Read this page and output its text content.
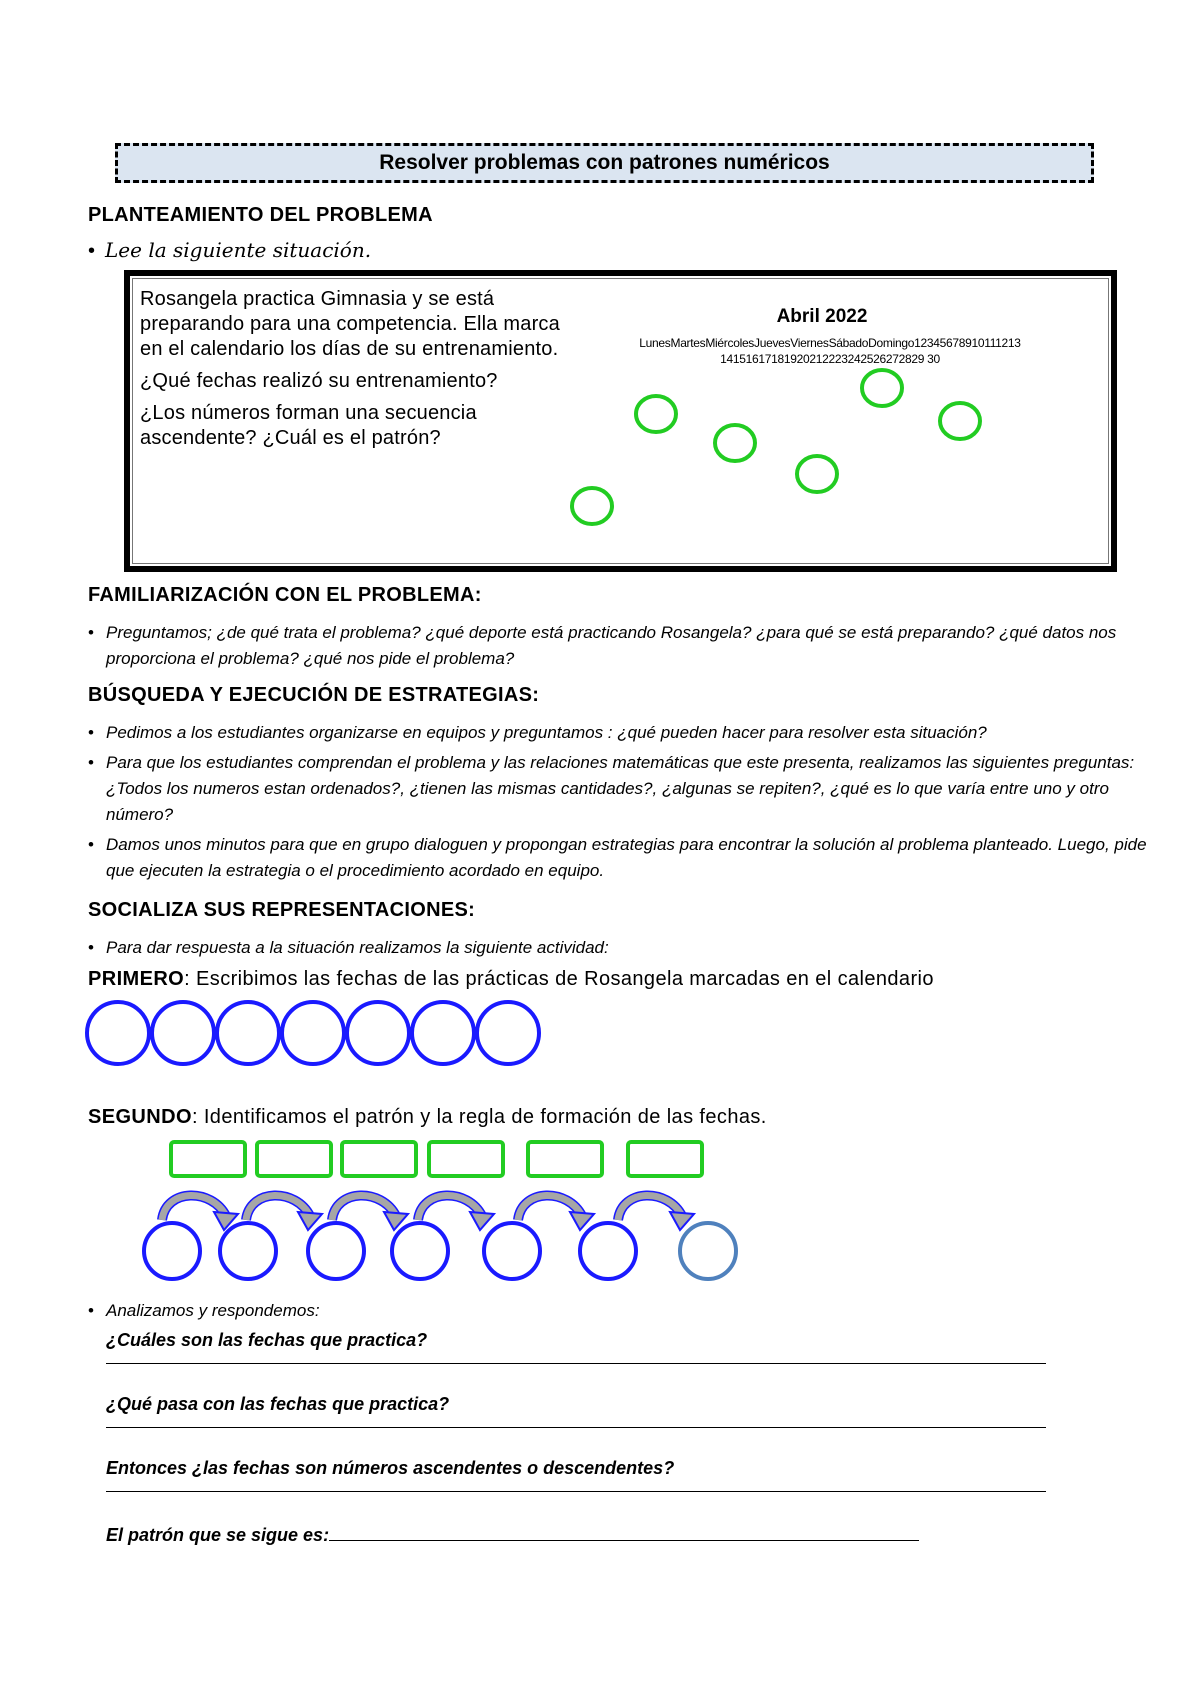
Resolver problemas con patrones numéricos
PLANTEAMIENTO DEL PROBLEMA
• Lee la siguiente situación.

Rosangela practica Gimnasia y se está preparando para una competencia. Ella marca en el calendario los días de su entrenamiento.

¿Qué fechas realizó su entrenamiento?

¿Los números forman una secuencia ascendente? ¿Cuál es el patrón?

Abril 2022
LunesMartesMiércolesJuevesViernesSábadoDomingo12345678910111213
14151617181920212223242526272829 30
FAMILIARIZACIÓN CON EL PROBLEMA:
• Preguntamos; ¿de qué trata el problema? ¿qué deporte está practicando Rosangela? ¿para qué se está preparando? ¿qué datos nos proporciona el problema? ¿qué nos pide el problema?
BÚSQUEDA Y EJECUCIÓN DE ESTRATEGIAS:
• Pedimos a los estudiantes organizarse en equipos y preguntamos : ¿qué pueden hacer para resolver esta situación?
• Para que los estudiantes comprendan el problema y las relaciones matemáticas que este presenta, realizamos las siguientes preguntas: ¿Todos los numeros estan ordenados?, ¿tienen las mismas cantidades?, ¿algunas se repiten?, ¿qué es lo que varía entre uno y otro número?
• Damos unos minutos para que en grupo dialoguen y propongan estrategias para encontrar la solución al problema planteado. Luego, pide que ejecuten la estrategia o el procedimiento acordado en equipo.
SOCIALIZA SUS REPRESENTACIONES:
• Para dar respuesta a la situación realizamos la siguiente actividad:
PRIMERO: Escribimos las fechas de las prácticas de Rosangela marcadas en el calendario
SEGUNDO: Identificamos el patrón y la regla de formación de las fechas.
• Analizamos y respondemos:
¿Cuáles son las fechas que practica?
¿Qué pasa con las fechas que practica?
Entonces ¿las fechas son números ascendentes o descendentes?
El patrón que se sigue es:
